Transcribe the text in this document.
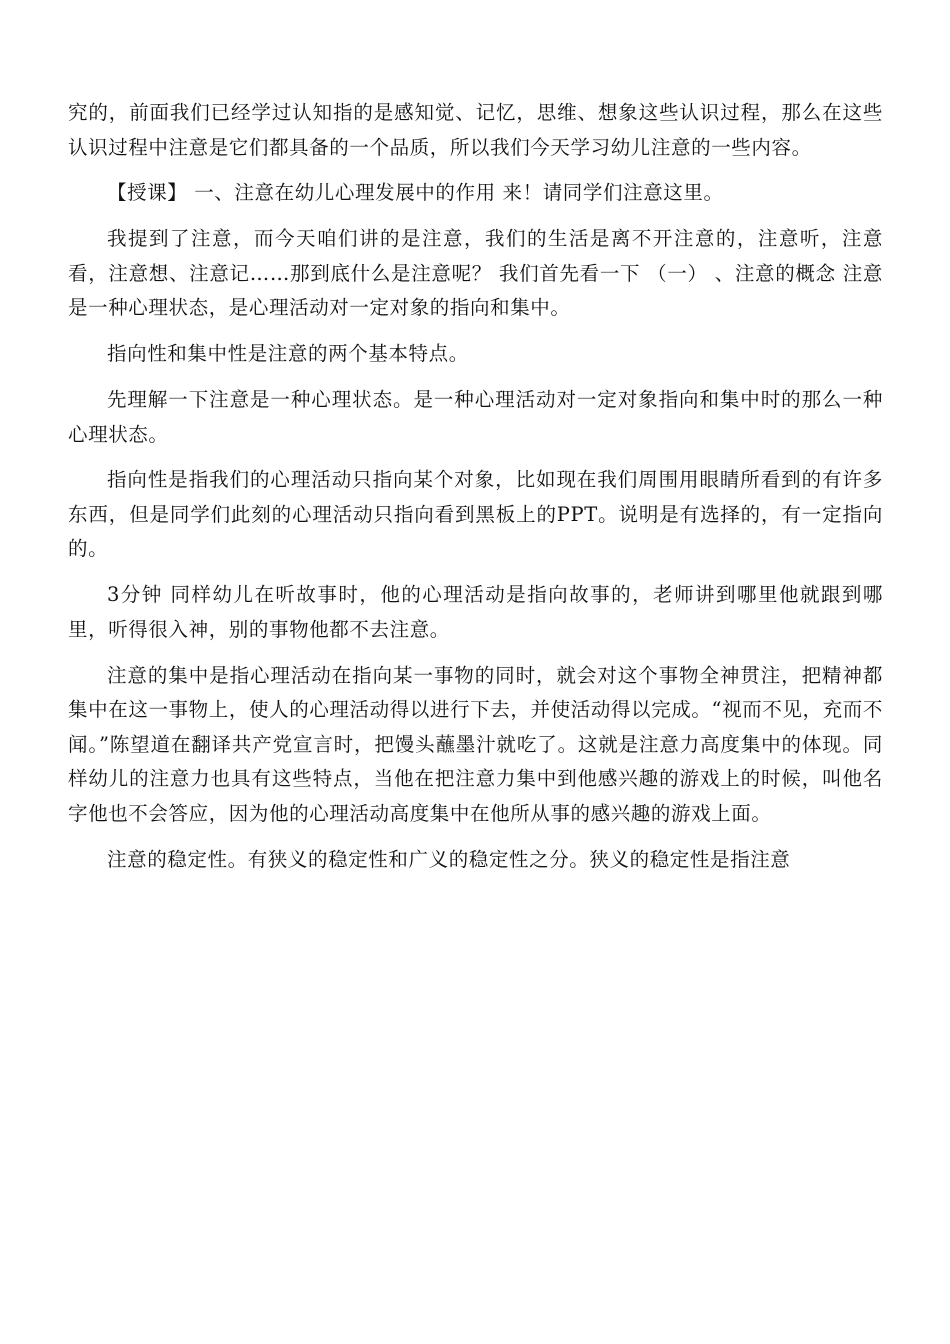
究的，前面我们已经学过认知指的是感知觉、记忆，思维、想象这些认识过程，那么在这些认识过程中注意是它们都具备的一个品质，所以我们今天学习幼儿注意的一些内容。

【授课】 一、注意在幼儿心理发展中的作用 来！请同学们注意这里。

我提到了注意，而今天咱们讲的是注意，我们的生活是离不开注意的，注意听，注意看，注意想、注意记……那到底什么是注意呢？ 我们首先看一下 （一） 、注意的概念 注意是一种心理状态，是心理活动对一定对象的指向和集中。

指向性和集中性是注意的两个基本特点。

先理解一下注意是一种心理状态。是一种心理活动对一定对象指向和集中时的那么一种心理状态。

指向性是指我们的心理活动只指向某个对象，比如现在我们周围用眼睛所看到的有许多东西，但是同学们此刻的心理活动只指向看到黑板上的PPT。说明是有选择的，有一定指向的。

3分钟 同样幼儿在听故事时，他的心理活动是指向故事的，老师讲到哪里他就跟到哪里，听得很入神，别的事物他都不去注意。

注意的集中是指心理活动在指向某一事物的同时，就会对这个事物全神贯注，把精神都集中在这一事物上，使人的心理活动得以进行下去，并使活动得以完成。“视而不见，充而不闻。”陈望道在翻译共产党宣言时，把馒头蘸墨汁就吃了。这就是注意力高度集中的体现。同样幼儿的注意力也具有这些特点，当他在把注意力集中到他感兴趣的游戏上的时候，叫他名字他也不会答应，因为他的心理活动高度集中在他所从事的感兴趣的游戏上面。

注意的稳定性。有狭义的稳定性和广义的稳定性之分。狭义的稳定性是指注意
